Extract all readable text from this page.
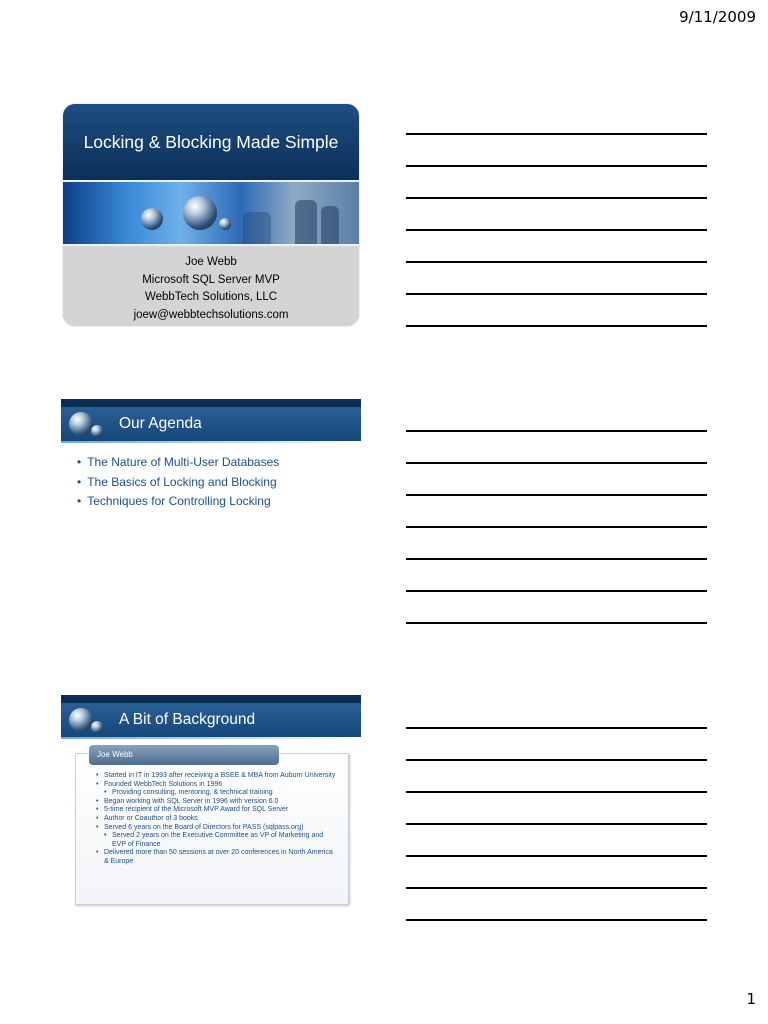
9/11/2009
Locking & Blocking Made Simple
Joe Webb
Microsoft SQL Server MVP
WebbTech Solutions, LLC
joew@webbtechsolutions.com
Our Agenda
• The Nature of Multi-User Databases
• The Basics of Locking and Blocking
• Techniques for Controlling Locking
A Bit of Background
Joe Webb
• Started in IT in 1993 after receiving a BSEE & MBA from Auburn University
• Founded WebbTech Solutions in 1996
• Providing consulting, mentoring, & technical training
• Began working with SQL Server in 1996 with version 6.0
• 5-time recipient of the Microsoft MVP Award for SQL Server
• Author or Coauthor of 3 books
• Served 6 years on the Board of Directors for PASS (sqlpass.org)
• Served 2 years on the Executive Committee as VP of Marketing and EVP of Finance
• Delivered more than 50 sessions at over 20 conferences in North America & Europe
1
